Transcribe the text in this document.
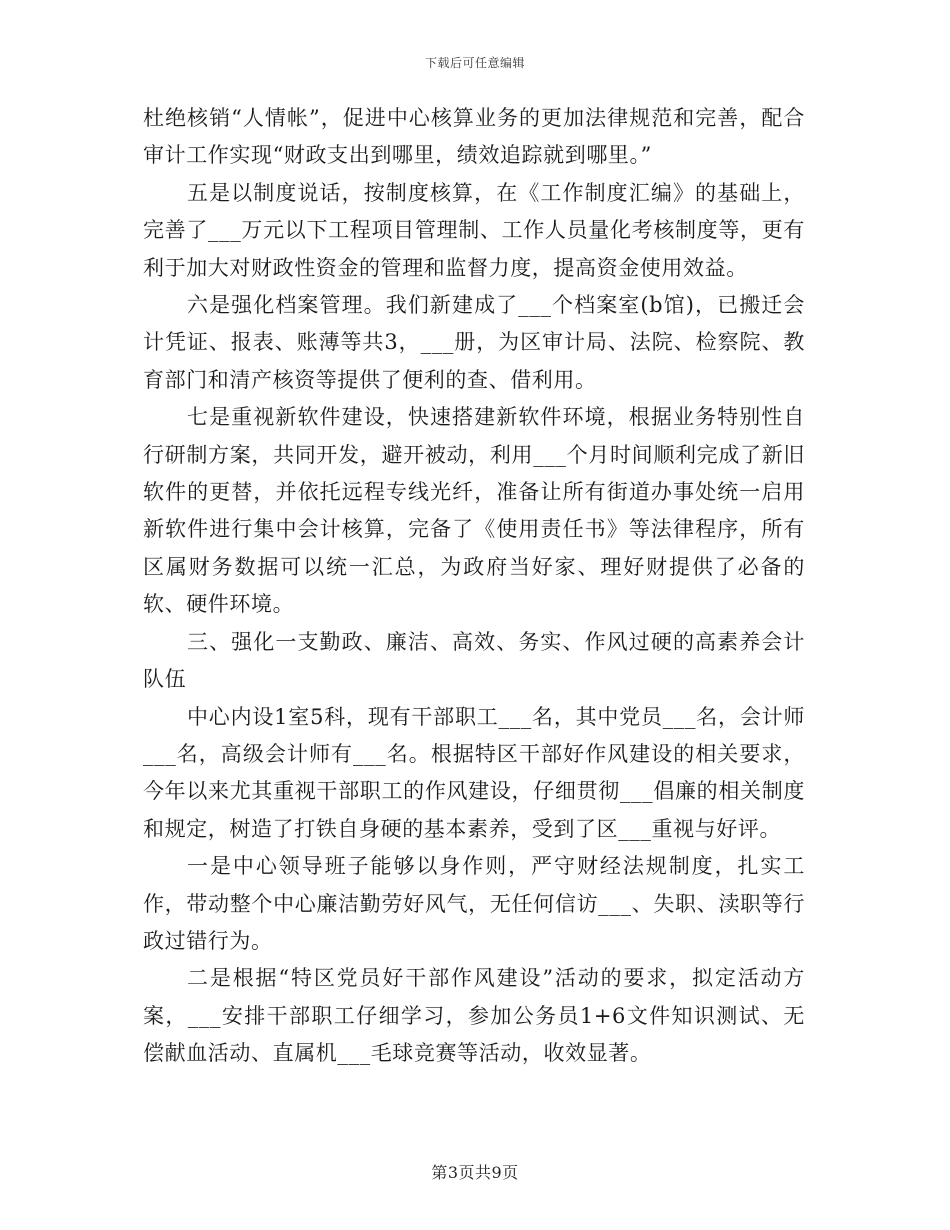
下载后可任意编辑

杜绝核销“人情帐”，促进中心核算业务的更加法律规范和完善，配合审计工作实现“财政支出到哪里，绩效追踪就到哪里。”

五是以制度说话，按制度核算，在《工作制度汇编》的基础上，完善了___万元以下工程项目管理制、工作人员量化考核制度等，更有利于加大对财政性资金的管理和监督力度，提高资金使用效益。

六是强化档案管理。我们新建成了___个档案室(b馆)，已搬迁会计凭证、报表、账薄等共3，___册，为区审计局、法院、检察院、教育部门和清产核资等提供了便利的查、借利用。

七是重视新软件建设，快速搭建新软件环境，根据业务特别性自行研制方案，共同开发，避开被动，利用___个月时间顺利完成了新旧软件的更替，并依托远程专线光纤，准备让所有街道办事处统一启用新软件进行集中会计核算，完备了《使用责任书》等法律程序，所有区属财务数据可以统一汇总，为政府当好家、理好财提供了必备的软、硬件环境。

三、强化一支勤政、廉洁、高效、务实、作风过硬的高素养会计队伍

中心内设1室5科，现有干部职工___名，其中党员___名，会计师___名，高级会计师有___名。根据特区干部好作风建设的相关要求，今年以来尤其重视干部职工的作风建设，仔细贯彻___倡廉的相关制度和规定，树造了打铁自身硬的基本素养，受到了区___重视与好评。

一是中心领导班子能够以身作则，严守财经法规制度，扎实工作，带动整个中心廉洁勤劳好风气，无任何信访___、失职、渎职等行政过错行为。

二是根据“特区党员好干部作风建设”活动的要求，拟定活动方案，___安排干部职工仔细学习，参加公务员1+6文件知识测试、无偿献血活动、直属机___毛球竞赛等活动，收效显著。

第3页共9页
